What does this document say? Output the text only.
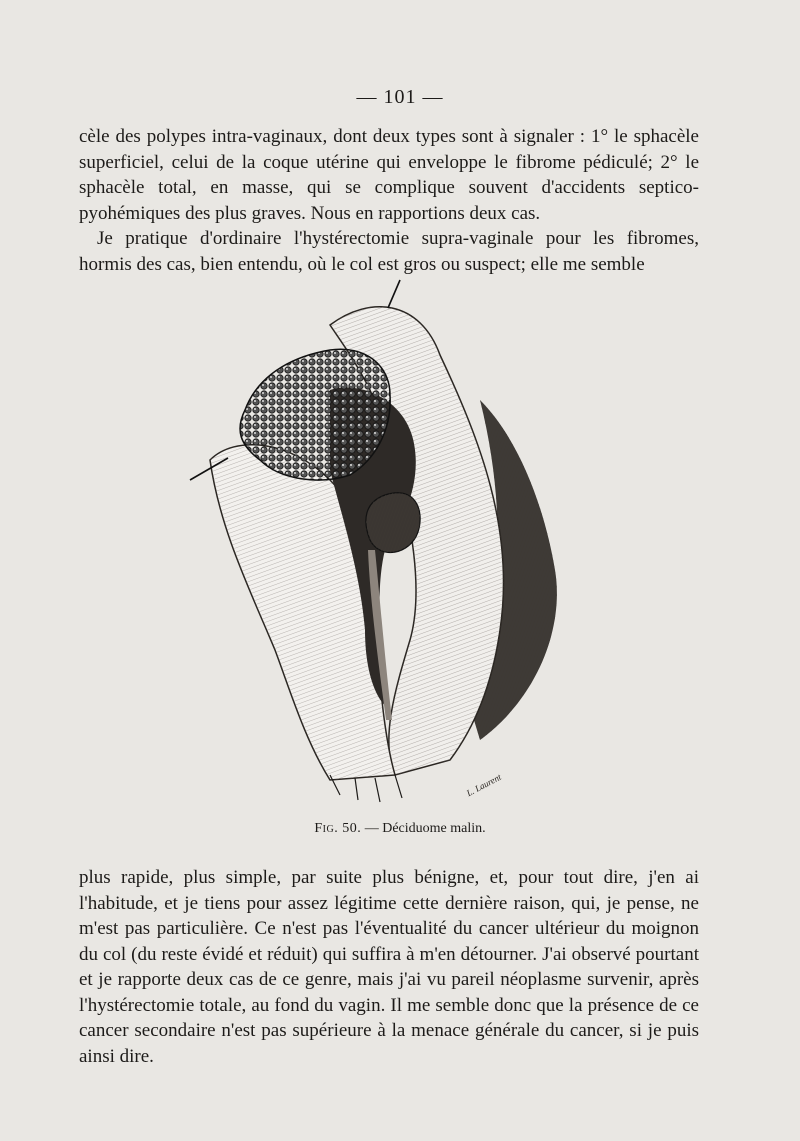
— 101 —

cèle des polypes intra-vaginaux, dont deux types sont à signaler : 1° le sphacèle superficiel, celui de la coque utérine qui enveloppe le fibrome pédiculé; 2° le sphacèle total, en masse, qui se complique souvent d'accidents septico-pyohémiques des plus graves. Nous en rapportions deux cas.
Je pratique d'ordinaire l'hystérectomie supra-vaginale pour les fibromes, hormis des cas, bien entendu, où le col est gros ou suspect; elle me semble

L. Laurent
Fig. 50. — Déciduome malin.

plus rapide, plus simple, par suite plus bénigne, et, pour tout dire, j'en ai l'habitude, et je tiens pour assez légitime cette dernière raison, qui, je pense, ne m'est pas particulière. Ce n'est pas l'éventualité du cancer ultérieur du moignon du col (du reste évidé et réduit) qui suffira à m'en détourner. J'ai observé pourtant et je rapporte deux cas de ce genre, mais j'ai vu pareil néoplasme survenir, après l'hystérectomie totale, au fond du vagin. Il me semble donc que la présence de ce cancer secondaire n'est pas supérieure à la menace générale du cancer, si je puis ainsi dire.
